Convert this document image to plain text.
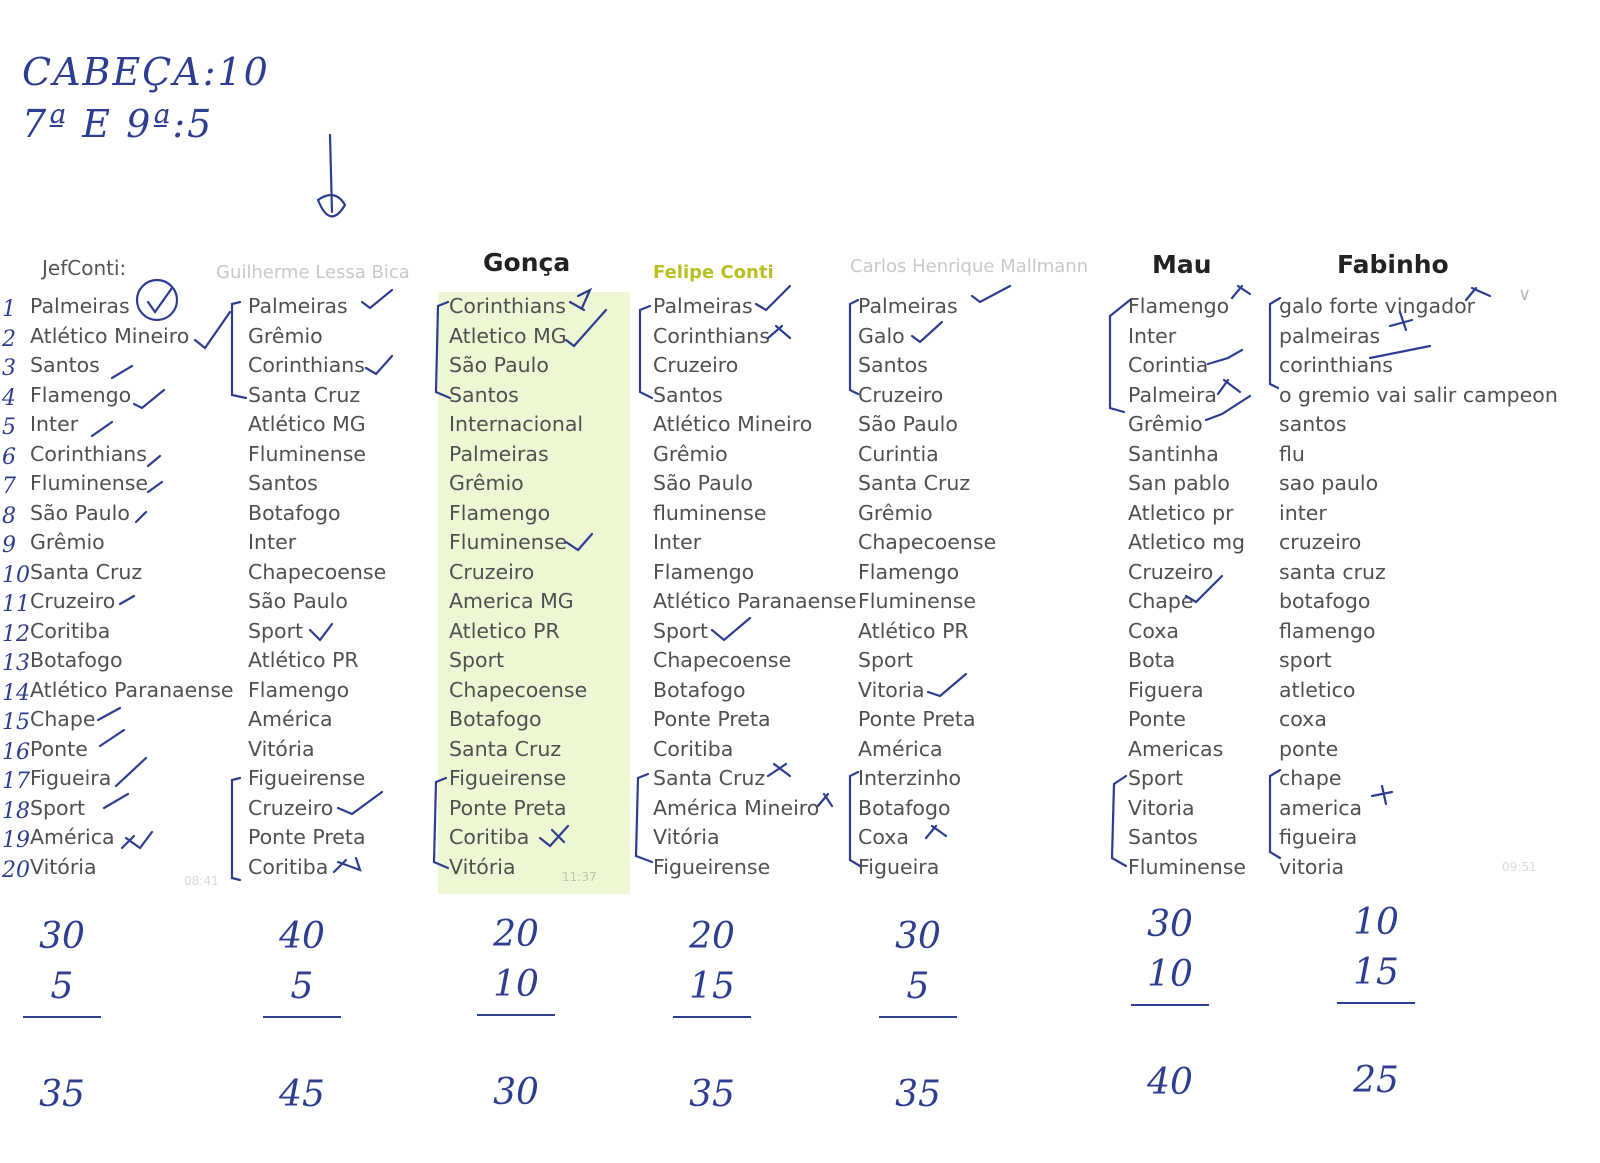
CABEÇA:10
7ª E 9ª:5
1
2
3
4
5
6
7
8
9
10
11
12
13
14
15
16
17
18
19
20
JefConti:
Palmeiras
Atlético Mineiro
Santos
Flamengo
Inter
Corinthians
Fluminense
São Paulo
Grêmio
Santa Cruz
Cruzeiro
Coritiba
Botafogo
Atlético Paranaense
Chape
Ponte
Figueira
Sport
América
Vitória
08:41
Guilherme Lessa Bica
Palmeiras
Grêmio
Corinthians
Santa Cruz
Atlético MG
Fluminense
Santos
Botafogo
Inter
Chapecoense
São Paulo
Sport
Atlético PR
Flamengo
América
Vitória
Figueirense
Cruzeiro
Ponte Preta
Coritiba
Gonça
Corinthians
Atletico MG
São Paulo
Santos
Internacional
Palmeiras
Grêmio
Flamengo
Fluminense
Cruzeiro
America MG
Atletico PR
Sport
Chapecoense
Botafogo
Santa Cruz
Figueirense
Ponte Preta
Coritiba
Vitória	11:37
Felipe Conti
Palmeiras
Corinthians
Cruzeiro
Santos
Atlético Mineiro
Grêmio
São Paulo
fluminense
Inter
Flamengo
Atlético Paranaense
Sport
Chapecoense
Botafogo
Ponte Preta
Coritiba
Santa Cruz
América Mineiro
Vitória
Figueirense
Carlos Henrique Mallmann
Palmeiras
Galo
Santos
Cruzeiro
São Paulo
Curintia
Santa Cruz
Grêmio
Chapecoense
Flamengo
Fluminense
Atlético PR
Sport
Vitoria
Ponte Preta
América
Interzinho
Botafogo
Coxa
Figueira
Mau
Flamengo
Inter
Corintia
Palmeira
Grêmio
Santinha
San pablo
Atletico pr
Atletico mg
Cruzeiro
Chape
Coxa
Bota
Figuera
Ponte
Americas
Sport
Vitoria
Santos
Fluminense
Fabinho
galo forte vingador
palmeiras
corinthians
o gremio vai salir campeon
santos
flu
sao paulo
inter
cruzeiro
santa cruz
botafogo
flamengo
sport
atletico
coxa
ponte
chape
america
figueira
vitoria	09:51
∨
30
5
35
40
5
45
20
10
30
20
15
35
30
5
35
30
10
40
10
15
25
